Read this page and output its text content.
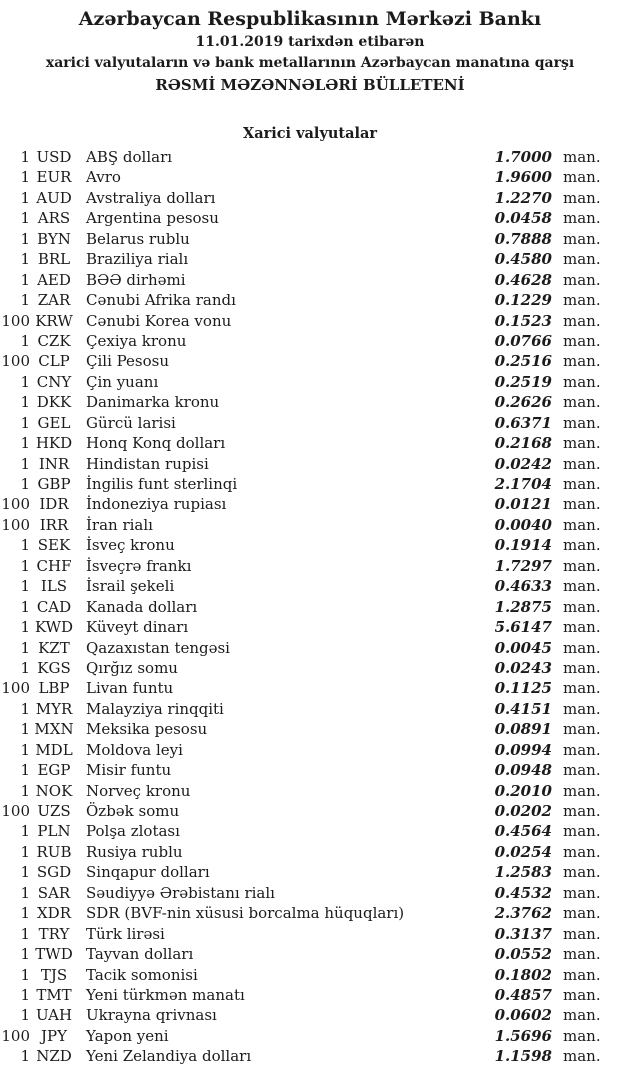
Azərbaycan Respublikasının Mərkəzi Bankı
11.01.2019 tarixdən etibarən
xarici valyutaların və bank metallarının Azərbaycan manatına qarşı
RƏSMİ MƏZƏNNƏLƏRİ BÜLLETENİ
Xarici valyutalar
1 USD ABŞ dolları	1.7000 man.
1 EUR Avro	1.9600 man.
1 AUD Avstraliya dolları	1.2270 man.
1 ARS	Argentina pesosu	0.0458 man.
1 BYN	Belarus rublu	0.7888 man.
1 BRL	Braziliya rialı	0.4580 man.
1 AED	BƏƏ dirhəmi	0.4628 man.
1 ZAR	Cənubi Afrika randı	0.1229 man.
100 KRW Cənubi Korea vonu	0.1523 man.
1 CZK	Çexiya kronu	0.0766 man.
100 CLP	Çili Pesosu	0.2516 man.
1 CNY Çin yuanı	0.2519 man.
1 DKK Danimarka kronu	0.2626 man.
1 GEL	Gürcü larisi	0.6371 man.
1 HKD Honq Konq dolları	0.2168 man.
1 INR	Hindistan rupisi	0.0242 man.
1 GBP	İngilis funt sterlinqi	2.1704 man.
100 IDR	İndoneziya rupiası	0.0121 man.
100 IRR	İran rialı	0.0040 man.
1 SEK	İsveç kronu	0.1914 man.
1 CHF İsveçrə frankı	1.7297 man.
1 ILS	İsrail şekeli	0.4633 man.
1 CAD Kanada dolları	1.2875 man.
1 KWD Küveyt dinarı	5.6147 man.
1 KZT	Qazaxıstan tengəsi	0.0045 man.
1 KGS	Qırğız somu	0.0243 man.
100 LBP	Livan funtu	0.1125 man.
1 MYR Malayziya rinqqiti	0.4151 man.
1 MXN Meksika pesosu	0.0891 man.
1 MDL Moldova leyi	0.0994 man.
1 EGP	Misir funtu	0.0948 man.
1 NOK Norveç kronu	0.2010 man.
100 UZS	Özbək somu	0.0202 man.
1 PLN	Polşa zlotası	0.4564 man.
1 RUB Rusiya rublu	0.0254 man.
1 SGD Sinqapur dolları	1.2583 man.
1 SAR	Səudiyyə Ərəbistanı rialı	0.4532 man.
1 XDR	SDR (BVF-nin xüsusi borcalma hüquqları)	2.3762 man.
1 TRY	Türk lirəsi	0.3137 man.
1 TWD Tayvan dolları	0.0552 man.
1 TJS	Tacik somonisi	0.1802 man.
1 TMT Yeni türkmən manatı	0.4857 man.
1 UAH Ukrayna qrivnası	0.0602 man.
100 JPY	Yapon yeni	1.5696 man.
1 NZD Yeni Zelandiya dolları	1.1598 man.
